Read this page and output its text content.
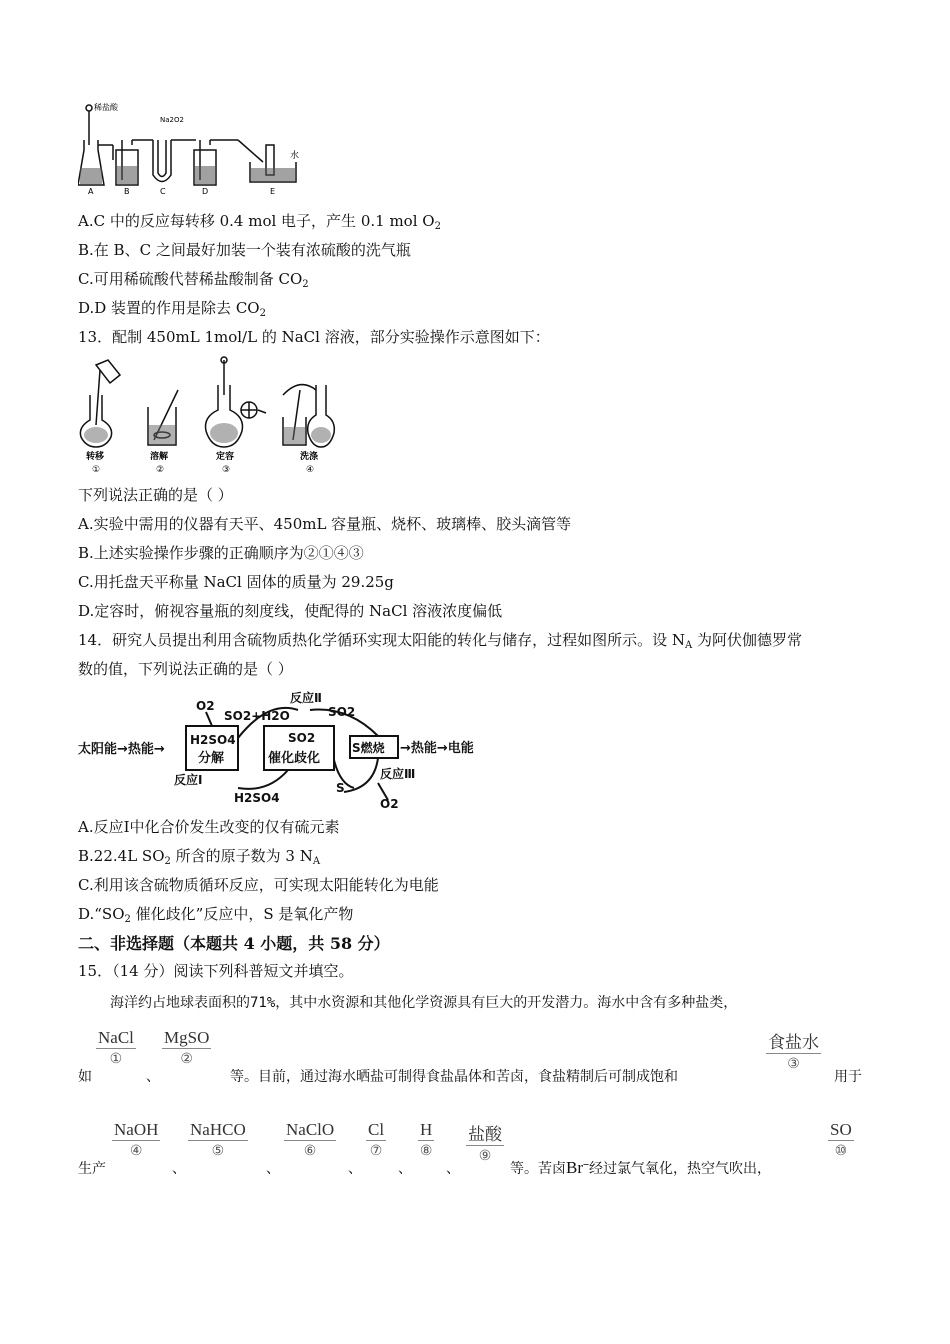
稀盐酸
Na2O2
水
A	B	C	D	E
A.C 中的反应每转移 0.4 mol 电子，产生 0.1 mol $O_2$
B.在 B、C 之间最好加装一个装有浓硫酸的洗气瓶
C.可用稀硫酸代替稀盐酸制备 $CO_2$
D.D 装置的作用是除去 $CO_2$
13．配制 450mL 1mol/L 的 NaCl 溶液，部分实验操作示意图如下：
转移
①
溶解
②
定容
③
洗涤
④
下列说法正确的是（ ）
A.实验中需用的仪器有天平、450mL 容量瓶、烧杯、玻璃棒、胶头滴管等
B.上述实验操作步骤的正确顺序为②①④③
C.用托盘天平称量 NaCl 固体的质量为 29.25g
D.定容时，俯视容量瓶的刻度线，使配得的 NaCl 溶液浓度偏低
14．研究人员提出利用含硫物质热化学循环实现太阳能的转化与储存，过程如图所示。设 $N_A$ 为阿伏伽德罗常
数的值，下列说法正确的是（ ）
太阳能→热能→
H2SO4
分解
SO2
催化歧化
S燃烧 →热能→电能
O2
SO2+H2O
反应Ⅱ
SO2
反应Ⅰ
H2SO4
S
反应Ⅲ
O2
A.反应Ⅰ中化合价发生改变的仅有硫元素
B.22.4L $SO_2$ 所含的原子数为 3 $N_A$
C.利用该含硫物质循环反应，可实现太阳能转化为电能
$D.“SO_2$ 催化歧化”反应中，S 是氧化产物
二、非选择题（本题共 4 小题，共 58 分）
15．（14 分）阅读下列科普短文并填空。
海洋约占地球表面积的71%，其中水资源和其他化学资源具有巨大的开发潜力。海水中含有多种盐类，
如
NaCl
①
、
MgSO
②
等。目前，通过海水晒盐可制得食盐晶体和苦卤，食盐精制后可制成饱和
食盐水
③
用于
生产
NaOH
④
、
NaHCO
⑤
、
NaClO
⑥
、
Cl
⑦
、
H
⑧
、
盐酸
⑨
等。苦卤Br−经过氯气氧化，热空气吹出，
SO
⑩
